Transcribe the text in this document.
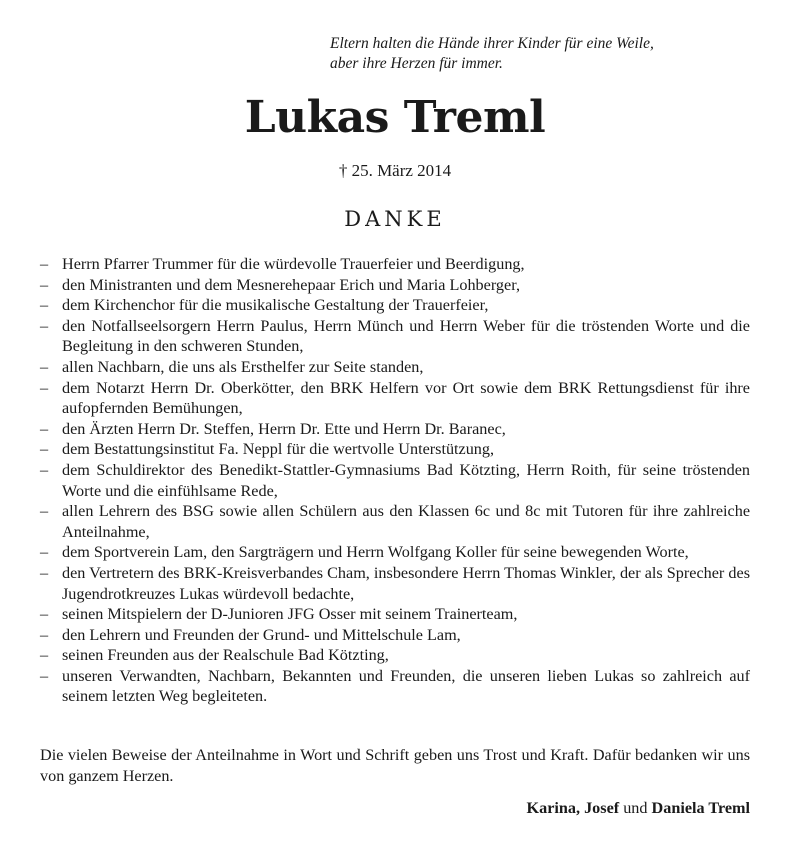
Eltern halten die Hände ihrer Kinder für eine Weile,
aber ihre Herzen für immer.
Lukas Treml
† 25. März 2014
DANKE
– Herrn Pfarrer Trummer für die würdevolle Trauerfeier und Beerdigung,
– den Ministranten und dem Mesnerehepaar Erich und Maria Lohberger,
– dem Kirchenchor für die musikalische Gestaltung der Trauerfeier,
– den Notfallseelsorgern Herrn Paulus, Herrn Münch und Herrn Weber für die tröstenden Worte und die Begleitung in den schweren Stunden,
– allen Nachbarn, die uns als Ersthelfer zur Seite standen,
– dem Notarzt Herrn Dr. Oberkötter, den BRK Helfern vor Ort sowie dem BRK Rettungsdienst für ihre aufopfernden Bemühungen,
– den Ärzten Herrn Dr. Steffen, Herrn Dr. Ette und Herrn Dr. Baranec,
– dem Bestattungsinstitut Fa. Neppl für die wertvolle Unterstützung,
– dem Schuldirektor des Benedikt-Stattler-Gymnasiums Bad Kötzting, Herrn Roith, für seine tröstenden Worte und die einfühlsame Rede,
– allen Lehrern des BSG sowie allen Schülern aus den Klassen 6c und 8c mit Tutoren für ihre zahlreiche Anteilnahme,
– dem Sportverein Lam, den Sargträgern und Herrn Wolfgang Koller für seine bewegenden Worte,
– den Vertretern des BRK-Kreisverbandes Cham, insbesondere Herrn Thomas Winkler, der als Sprecher des Jugendrotkreuzes Lukas würdevoll bedachte,
– seinen Mitspielern der D-Junioren JFG Osser mit seinem Trainerteam,
– den Lehrern und Freunden der Grund- und Mittelschule Lam,
– seinen Freunden aus der Realschule Bad Kötzting,
– unseren Verwandten, Nachbarn, Bekannten und Freunden, die unseren lieben Lukas so zahlreich auf seinem letzten Weg begleiteten.
Die vielen Beweise der Anteilnahme in Wort und Schrift geben uns Trost und Kraft. Dafür bedanken wir uns von ganzem Herzen.
Karina, Josef und Daniela Treml
